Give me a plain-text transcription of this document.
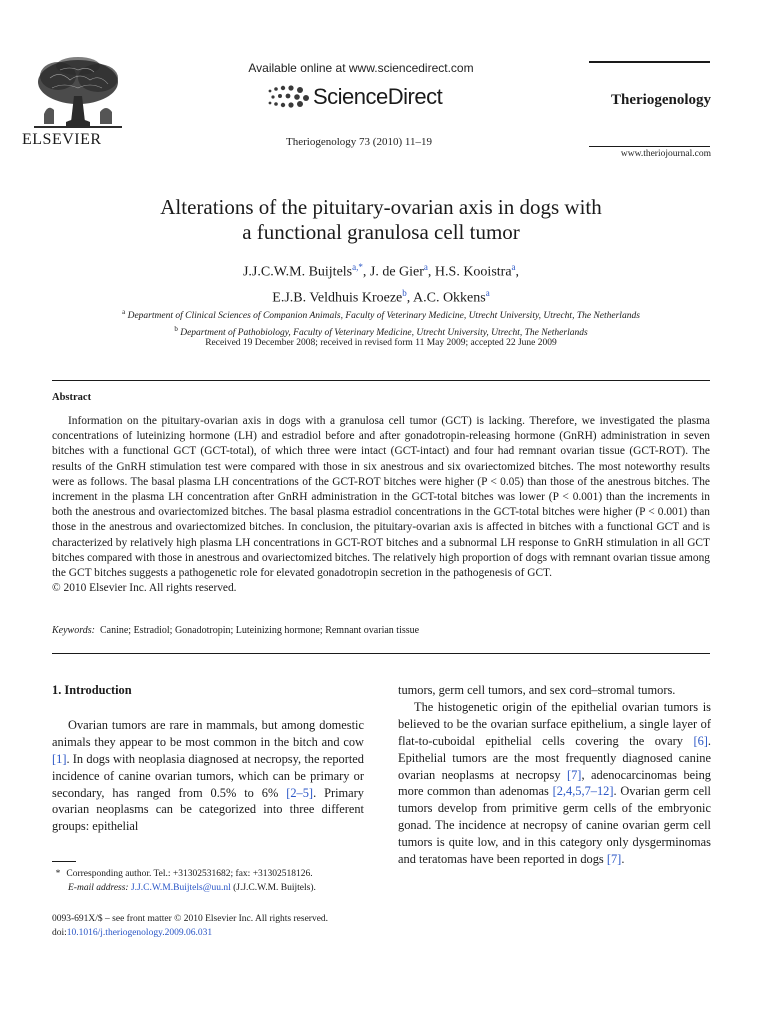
ELSEVIER
Available online at www.sciencedirect.com
ScienceDirect
Theriogenology 73 (2010) 11–19
Theriogenology
www.theriojournal.com
Alterations of the pituitary-ovarian axis in dogs with
a functional granulosa cell tumor
J.J.C.W.M. Buijtels$^{a,*}$, J. de Gier$^a$, H.S. Kooistra$^a$,
E.J.B. Veldhuis Kroeze$^b$, A.C. Okkens$^a$
$^a$ Department of Clinical Sciences of Companion Animals, Faculty of Veterinary Medicine, Utrecht University, Utrecht, The Netherlands
$^b$ Department of Pathobiology, Faculty of Veterinary Medicine, Utrecht University, Utrecht, The Netherlands
Received 19 December 2008; received in revised form 11 May 2009; accepted 22 June 2009
Abstract
Information on the pituitary-ovarian axis in dogs with a granulosa cell tumor (GCT) is lacking. Therefore, we investigated the plasma concentrations of luteinizing hormone (LH) and estradiol before and after gonadotropin-releasing hormone (GnRH) administration in seven bitches with a functional GCT (GCT-total), of which three were intact (GCT-intact) and four had remnant ovarian tissue (GCT-ROT). The results of the GnRH stimulation test were compared with those in six anestrous and six ovariectomized bitches. The most noteworthy results were as follows. The basal plasma LH concentrations of the GCT-ROT bitches were higher (P < 0.05) than those of the anestrous bitches. The increment in the plasma LH concentration after GnRH administration in the GCT-total bitches was lower (P < 0.001) than the increments in both the anestrous and ovariectomized bitches. The basal plasma estradiol concentrations in the GCT-total bitches were higher (P < 0.001) than those in the anestrous and ovariectomized bitches. In conclusion, the pituitary-ovarian axis is affected in bitches with a functional GCT and is characterized by relatively high plasma LH concentrations in GCT-ROT bitches and a subnormal LH response to GnRH stimulation in all GCT bitches compared with those in anestrous and ovariectomized bitches. The relatively high proportion of dogs with remnant ovarian tissue among the GCT bitches suggests a pathogenetic role for elevated gonadotropin secretion in the pathogenesis of GCT.
© 2010 Elsevier Inc. All rights reserved.
Keywords: Canine; Estradiol; Gonadotropin; Luteinizing hormone; Remnant ovarian tissue
1. Introduction

Ovarian tumors are rare in mammals, but among domestic animals they appear to be most common in the bitch and cow [1]. In dogs with neoplasia diagnosed at necropsy, the reported incidence of canine ovarian tumors, which can be primary or secondary, has ranged from 0.5% to 6% [2–5]. Primary ovarian neoplasms can be categorized into three different groups: epithelial

tumors, germ cell tumors, and sex cord–stromal tumors.

The histogenetic origin of the epithelial ovarian tumors is believed to be the ovarian surface epithelium, a single layer of flat-to-cuboidal epithelial cells covering the ovary [6]. Epithelial tumors are the most frequently diagnosed canine ovarian neoplasms at necropsy [7], adenocarcinomas being more common than adenomas [2,4,5,7–12]. Ovarian germ cell tumors develop from primitive germ cells of the embryonic gonad. The incidence at necropsy of canine ovarian germ cell tumors is quite low, and in this category only dysgerminomas and teratomas have been reported in dogs [7].

* Corresponding author. Tel.: +31302531682; fax: +31302518126.
E-mail address: J.J.C.W.M.Buijtels@uu.nl (J.J.C.W.M. Buijtels).
0093-691X/$ – see front matter © 2010 Elsevier Inc. All rights reserved.
doi:10.1016/j.theriogenology.2009.06.031
